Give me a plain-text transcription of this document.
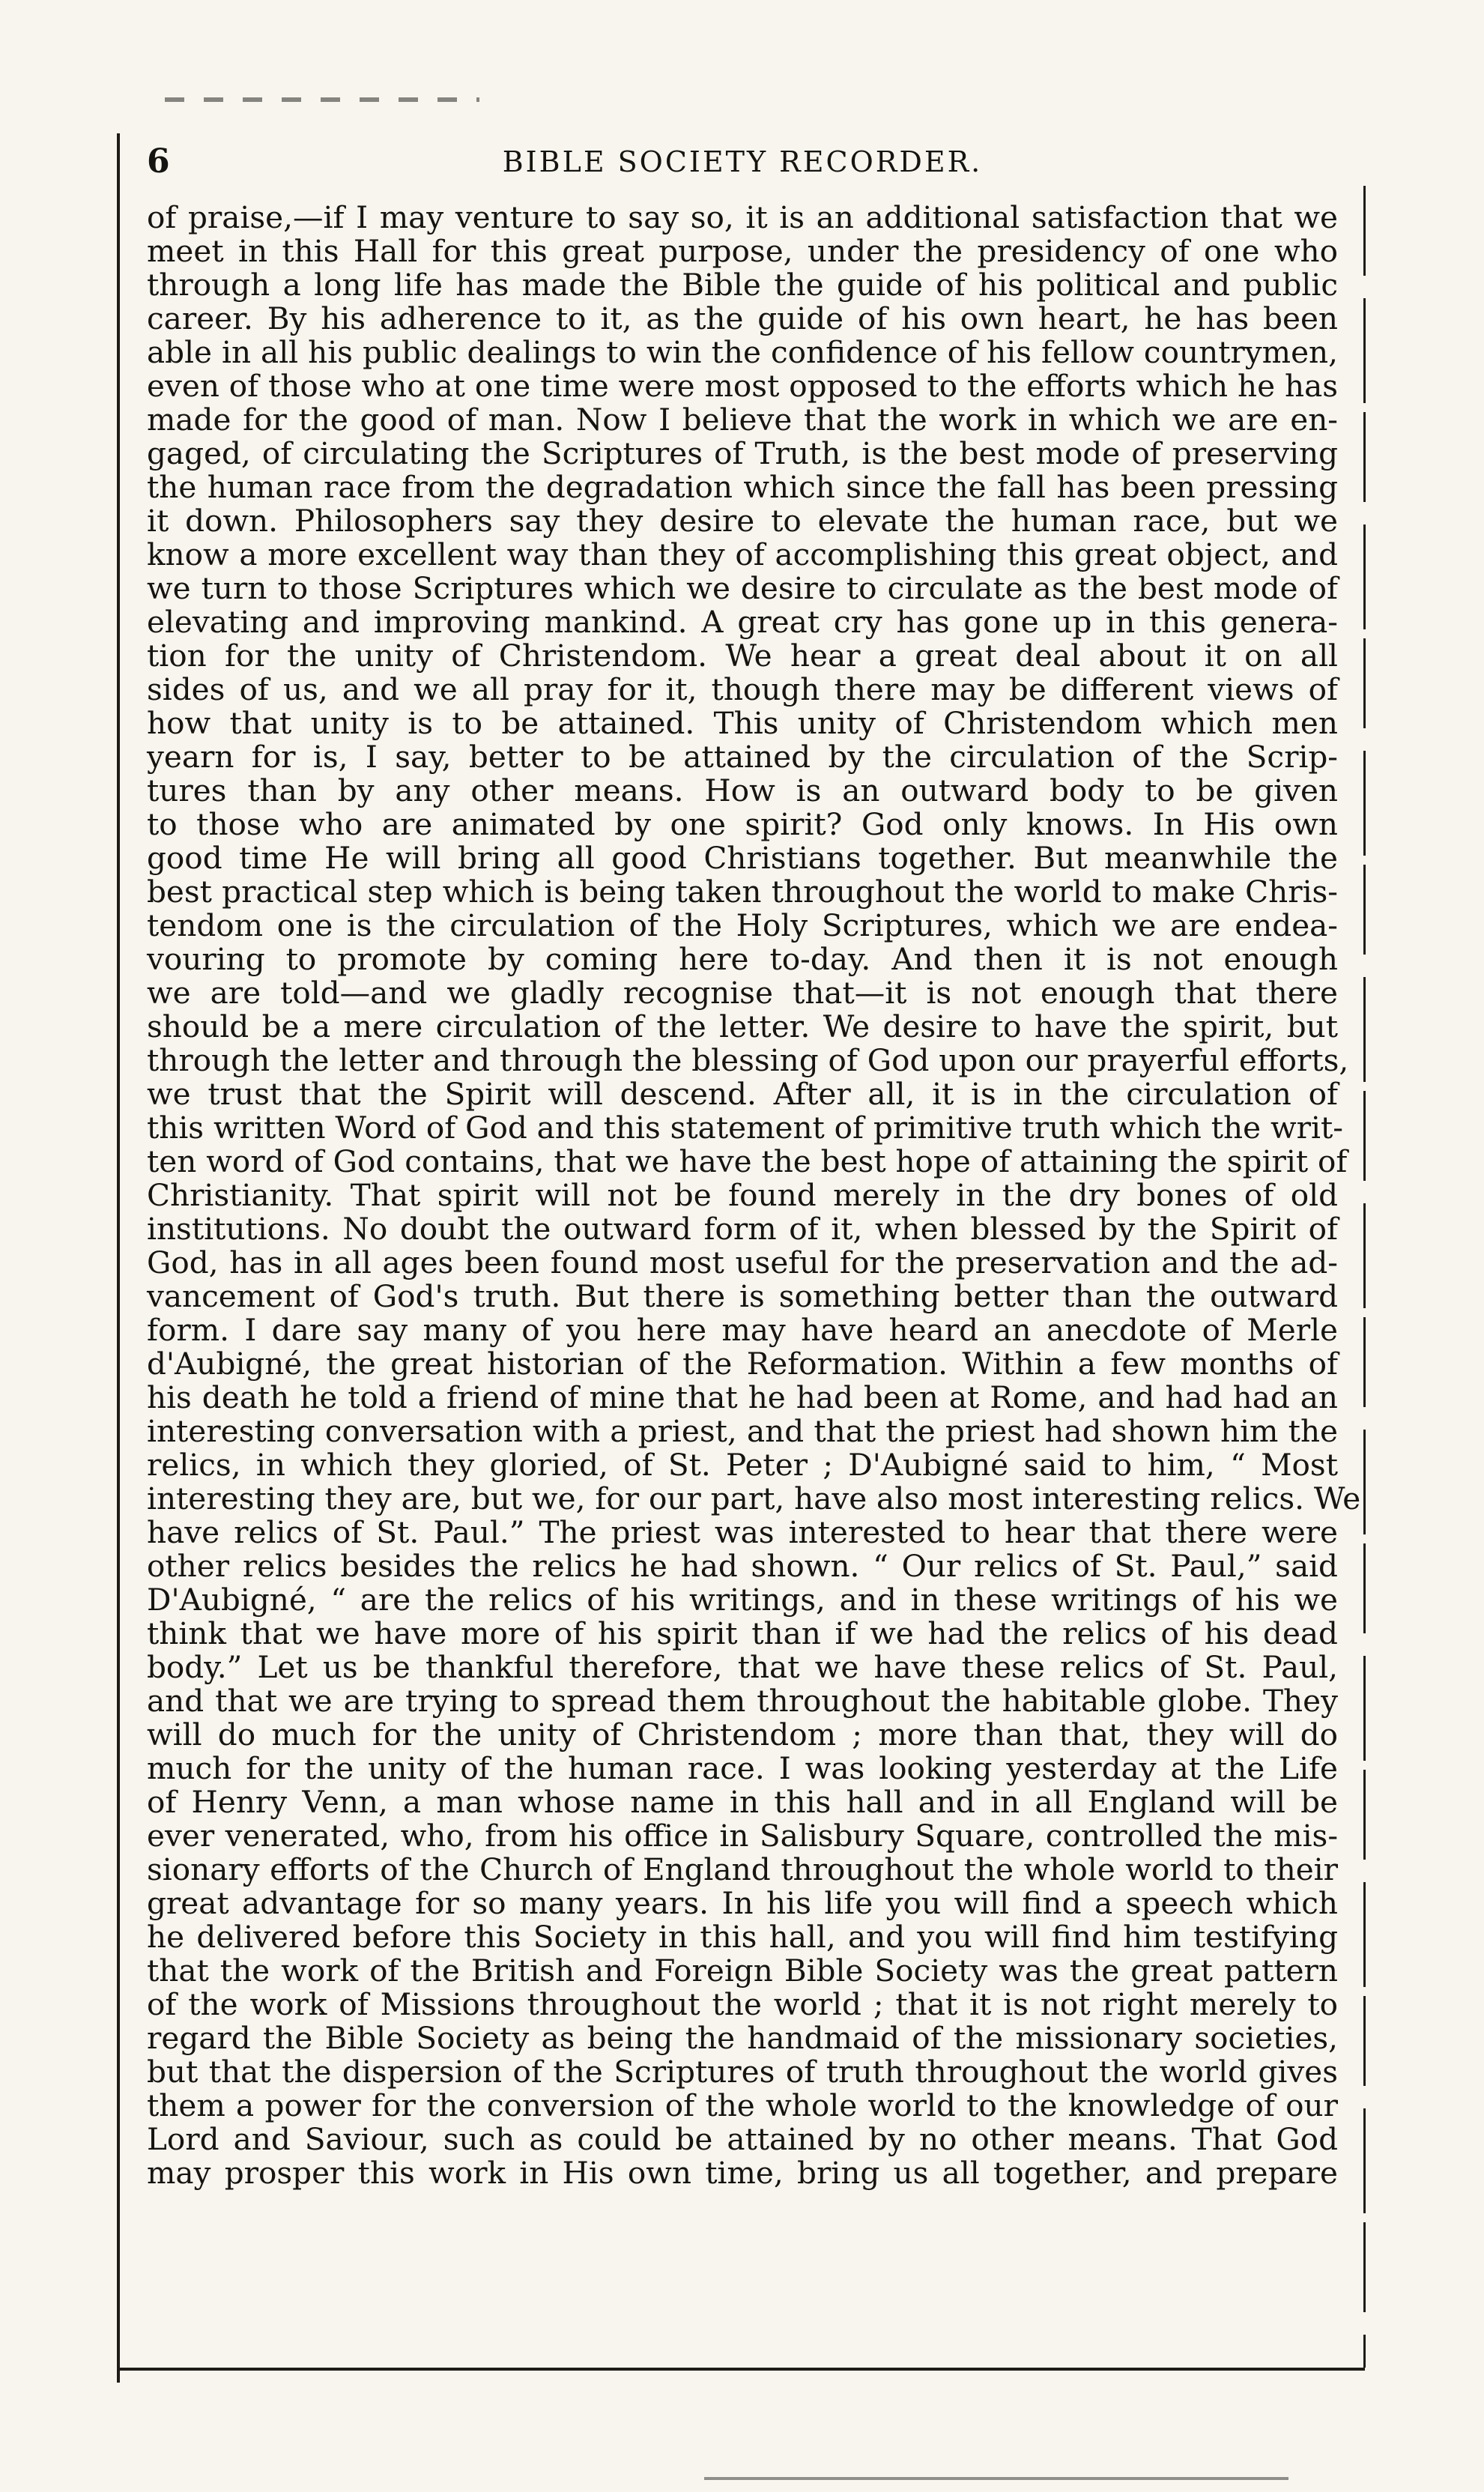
6	BIBLE SOCIETY RECORDER.
of praise,—if I may venture to say so, it is an additional satisfaction that we
meet in this Hall for this great purpose, under the presidency of one who
through a long life has made the Bible the guide of his political and public
career. By his adherence to it, as the guide of his own heart, he has been
able in all his public dealings to win the confidence of his fellow countrymen,
even of those who at one time were most opposed to the efforts which he has
made for the good of man. Now I believe that the work in which we are en-
gaged, of circulating the Scriptures of Truth, is the best mode of preserving
the human race from the degradation which since the fall has been pressing
it down. Philosophers say they desire to elevate the human race, but we
know a more excellent way than they of accomplishing this great object, and
we turn to those Scriptures which we desire to circulate as the best mode of
elevating and improving mankind. A great cry has gone up in this genera-
tion for the unity of Christendom. We hear a great deal about it on all
sides of us, and we all pray for it, though there may be different views of
how that unity is to be attained. This unity of Christendom which men
yearn for is, I say, better to be attained by the circulation of the Scrip-
tures than by any other means. How is an outward body to be given
to those who are animated by one spirit? God only knows. In His own
good time He will bring all good Christians together. But meanwhile the
best practical step which is being taken throughout the world to make Chris-
tendom one is the circulation of the Holy Scriptures, which we are endea-
vouring to promote by coming here to-day. And then it is not enough
we are told—and we gladly recognise that—it is not enough that there
should be a mere circulation of the letter. We desire to have the spirit, but
through the letter and through the blessing of God upon our prayerful efforts,
we trust that the Spirit will descend. After all, it is in the circulation of
this written Word of God and this statement of primitive truth which the writ-
ten word of God contains, that we have the best hope of attaining the spirit of
Christianity. That spirit will not be found merely in the dry bones of old
institutions. No doubt the outward form of it, when blessed by the Spirit of
God, has in all ages been found most useful for the preservation and the ad-
vancement of God's truth. But there is something better than the outward
form. I dare say many of you here may have heard an anecdote of Merle
d'Aubigné, the great historian of the Reformation. Within a few months of
his death he told a friend of mine that he had been at Rome, and had had an
interesting conversation with a priest, and that the priest had shown him the
relics, in which they gloried, of St. Peter ; D'Aubigné said to him, “ Most
interesting they are, but we, for our part, have also most interesting relics. We
have relics of St. Paul.” The priest was interested to hear that there were
other relics besides the relics he had shown. “ Our relics of St. Paul,” said
D'Aubigné, “ are the relics of his writings, and in these writings of his we
think that we have more of his spirit than if we had the relics of his dead
body.” Let us be thankful therefore, that we have these relics of St. Paul,
and that we are trying to spread them throughout the habitable globe. They
will do much for the unity of Christendom ; more than that, they will do
much for the unity of the human race. I was looking yesterday at the Life
of Henry Venn, a man whose name in this hall and in all England will be
ever venerated, who, from his office in Salisbury Square, controlled the mis-
sionary efforts of the Church of England throughout the whole world to their
great advantage for so many years. In his life you will find a speech which
he delivered before this Society in this hall, and you will find him testifying
that the work of the British and Foreign Bible Society was the great pattern
of the work of Missions throughout the world ; that it is not right merely to
regard the Bible Society as being the handmaid of the missionary societies,
but that the dispersion of the Scriptures of truth throughout the world gives
them a power for the conversion of the whole world to the knowledge of our
Lord and Saviour, such as could be attained by no other means. That God
may prosper this work in His own time, bring us all together, and prepare
